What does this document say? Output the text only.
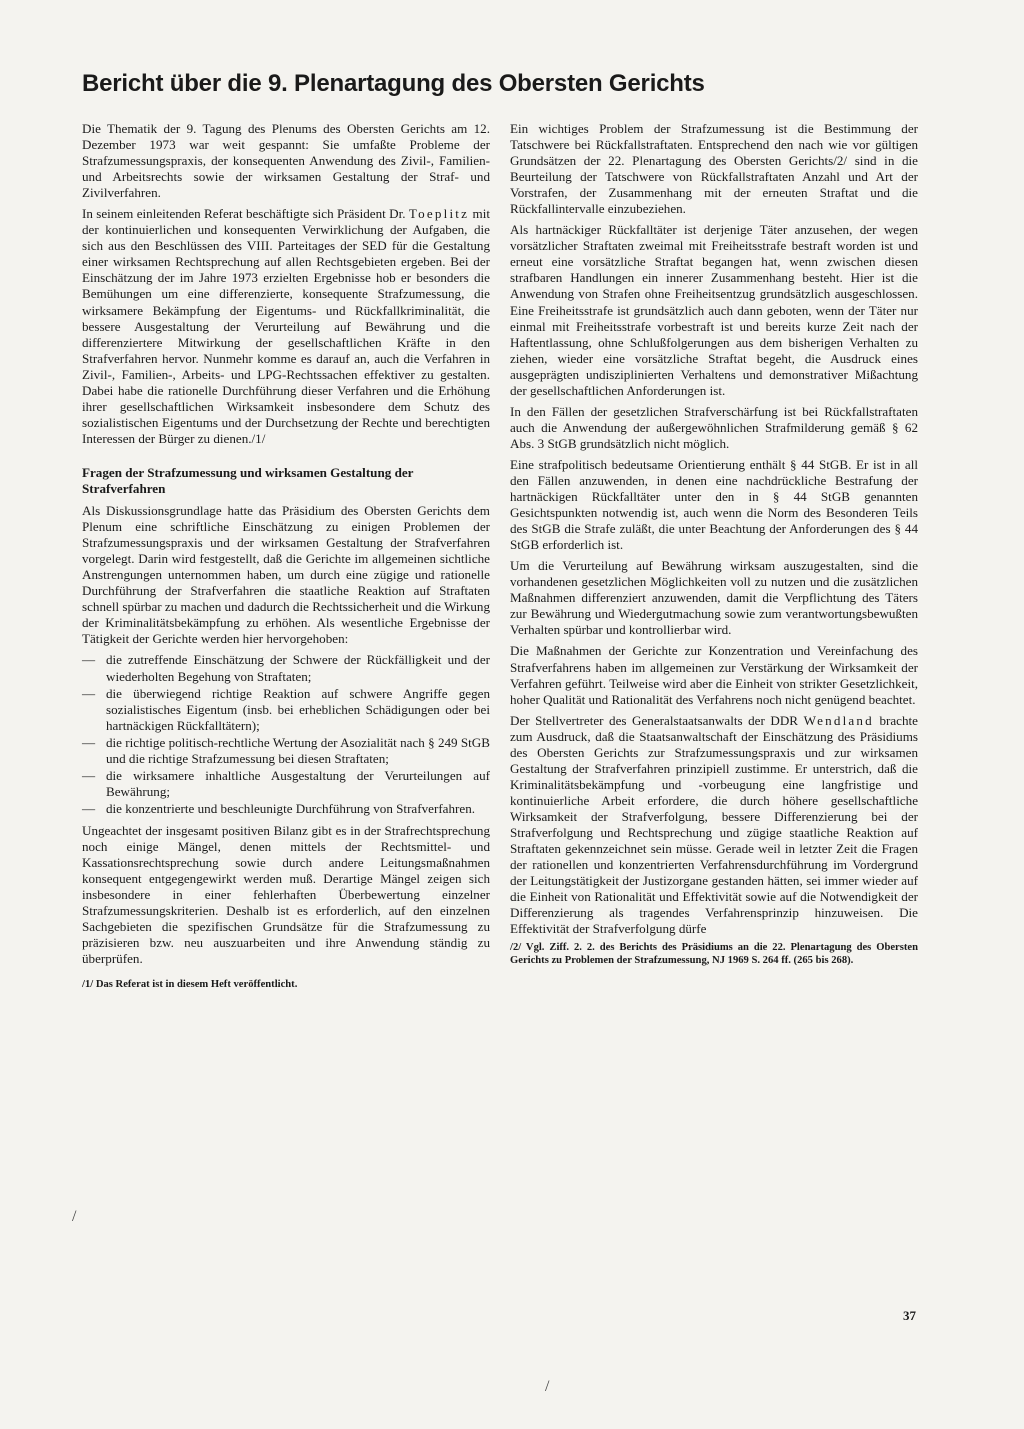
Bericht über die 9. Plenartagung des Obersten Gerichts

Die Thematik der 9. Tagung des Plenums des Obersten Gerichts am 12. Dezember 1973 war weit gespannt: Sie umfaßte Probleme der Strafzumessungspraxis, der konsequenten Anwendung des Zivil-, Familien- und Arbeitsrechts sowie der wirksamen Gestaltung der Straf- und Zivilverfahren.

In seinem einleitenden Referat beschäftigte sich Präsident Dr. Toeplitz mit der kontinuierlichen und konsequenten Verwirklichung der Aufgaben, die sich aus den Beschlüssen des VIII. Parteitages der SED für die Gestaltung einer wirksamen Rechtsprechung auf allen Rechtsgebieten ergeben. Bei der Einschätzung der im Jahre 1973 erzielten Ergebnisse hob er besonders die Bemühungen um eine differenzierte, konsequente Strafzumessung, die wirksamere Bekämpfung der Eigentums- und Rückfallkriminalität, die bessere Ausgestaltung der Verurteilung auf Bewährung und die differenziertere Mitwirkung der gesellschaftlichen Kräfte in den Strafverfahren hervor. Nunmehr komme es darauf an, auch die Verfahren in Zivil-, Familien-, Arbeits- und LPG-Rechtssachen effektiver zu gestalten. Dabei habe die rationelle Durchführung dieser Verfahren und die Erhöhung ihrer gesellschaftlichen Wirksamkeit insbesondere dem Schutz des sozialistischen Eigentums und der Durchsetzung der Rechte und berechtigten Interessen der Bürger zu dienen./1/

Fragen der Strafzumessung und wirksamen Gestaltung der Strafverfahren

Als Diskussionsgrundlage hatte das Präsidium des Obersten Gerichts dem Plenum eine schriftliche Einschätzung zu einigen Problemen der Strafzumessungspraxis und der wirksamen Gestaltung der Strafverfahren vorgelegt. Darin wird festgestellt, daß die Gerichte im allgemeinen sichtliche Anstrengungen unternommen haben, um durch eine zügige und rationelle Durchführung der Strafverfahren die staatliche Reaktion auf Straftaten schnell spürbar zu machen und dadurch die Rechtssicherheit und die Wirkung der Kriminalitätsbekämpfung zu erhöhen. Als wesentliche Ergebnisse der Tätigkeit der Gerichte werden hier hervorgehoben:

— die zutreffende Einschätzung der Schwere der Rückfälligkeit und der wiederholten Begehung von Straftaten;
— die überwiegend richtige Reaktion auf schwere Angriffe gegen sozialistisches Eigentum (insb. bei erheblichen Schädigungen oder bei hartnäckigen Rückfalltätern);
— die richtige politisch-rechtliche Wertung der Asozialität nach § 249 StGB und die richtige Strafzumessung bei diesen Straftaten;
— die wirksamere inhaltliche Ausgestaltung der Verurteilungen auf Bewährung;
— die konzentrierte und beschleunigte Durchführung von Strafverfahren.

Ungeachtet der insgesamt positiven Bilanz gibt es in der Strafrechtsprechung noch einige Mängel, denen mittels der Rechtsmittel- und Kassationsrechtsprechung sowie durch andere Leitungsmaßnahmen konsequent entgegengewirkt werden muß. Derartige Mängel zeigen sich insbesondere in einer fehlerhaften Überbewertung einzelner Strafzumessungskriterien. Deshalb ist es erforderlich, auf den einzelnen Sachgebieten die spezifischen Grundsätze für die Strafzumessung zu präzisieren bzw. neu auszuarbeiten und ihre Anwendung ständig zu überprüfen.

/1/ Das Referat ist in diesem Heft veröffentlicht.

Ein wichtiges Problem der Strafzumessung ist die Bestimmung der Tatschwere bei Rückfallstraftaten. Entsprechend den nach wie vor gültigen Grundsätzen der 22. Plenartagung des Obersten Gerichts/2/ sind in die Beurteilung der Tatschwere von Rückfallstraftaten Anzahl und Art der Vorstrafen, der Zusammenhang mit der erneuten Straftat und die Rückfallintervalle einzubeziehen.

Als hartnäckiger Rückfalltäter ist derjenige Täter anzusehen, der wegen vorsätzlicher Straftaten zweimal mit Freiheitsstrafe bestraft worden ist und erneut eine vorsätzliche Straftat begangen hat, wenn zwischen diesen strafbaren Handlungen ein innerer Zusammenhang besteht. Hier ist die Anwendung von Strafen ohne Freiheitsentzug grundsätzlich ausgeschlossen. Eine Freiheitsstrafe ist grundsätzlich auch dann geboten, wenn der Täter nur einmal mit Freiheitsstrafe vorbestraft ist und bereits kurze Zeit nach der Haftentlassung, ohne Schlußfolgerungen aus dem bisherigen Verhalten zu ziehen, wieder eine vorsätzliche Straftat begeht, die Ausdruck eines ausgeprägten undisziplinierten Verhaltens und demonstrativer Mißachtung der gesellschaftlichen Anforderungen ist.

In den Fällen der gesetzlichen Strafverschärfung ist bei Rückfallstraftaten auch die Anwendung der außergewöhnlichen Strafmilderung gemäß § 62 Abs. 3 StGB grundsätzlich nicht möglich.

Eine strafpolitisch bedeutsame Orientierung enthält § 44 StGB. Er ist in all den Fällen anzuwenden, in denen eine nachdrückliche Bestrafung der hartnäckigen Rückfalltäter unter den in § 44 StGB genannten Gesichtspunkten notwendig ist, auch wenn die Norm des Besonderen Teils des StGB die Strafe zuläßt, die unter Beachtung der Anforderungen des § 44 StGB erforderlich ist.

Um die Verurteilung auf Bewährung wirksam auszugestalten, sind die vorhandenen gesetzlichen Möglichkeiten voll zu nutzen und die zusätzlichen Maßnahmen differenziert anzuwenden, damit die Verpflichtung des Täters zur Bewährung und Wiedergutmachung sowie zum verantwortungsbewußten Verhalten spürbar und kontrollierbar wird.

Die Maßnahmen der Gerichte zur Konzentration und Vereinfachung des Strafverfahrens haben im allgemeinen zur Verstärkung der Wirksamkeit der Verfahren geführt. Teilweise wird aber die Einheit von strikter Gesetzlichkeit, hoher Qualität und Rationalität des Verfahrens noch nicht genügend beachtet.

Der Stellvertreter des Generalstaatsanwalts der DDR Wendland brachte zum Ausdruck, daß die Staatsanwaltschaft der Einschätzung des Präsidiums des Obersten Gerichts zur Strafzumessungspraxis und zur wirksamen Gestaltung der Strafverfahren prinzipiell zustimme. Er unterstrich, daß die Kriminalitätsbekämpfung und -vorbeugung eine langfristige und kontinuierliche Arbeit erfordere, die durch höhere gesellschaftliche Wirksamkeit der Strafverfolgung, bessere Differenzierung bei der Strafverfolgung und Rechtsprechung und zügige staatliche Reaktion auf Straftaten gekennzeichnet sein müsse. Gerade weil in letzter Zeit die Fragen der rationellen und konzentrierten Verfahrensdurchführung im Vordergrund der Leitungstätigkeit der Justizorgane gestanden hätten, sei immer wieder auf die Einheit von Rationalität und Effektivität sowie auf die Notwendigkeit der Differenzierung als tragendes Verfahrensprinzip hinzuweisen. Die Effektivität der Strafverfolgung dürfe

/2/ Vgl. Ziff. 2. 2. des Berichts des Präsidiums an die 22. Plenartagung des Obersten Gerichts zu Problemen der Strafzumessung, NJ 1969 S. 264 ff. (265 bis 268).

37
/
/
